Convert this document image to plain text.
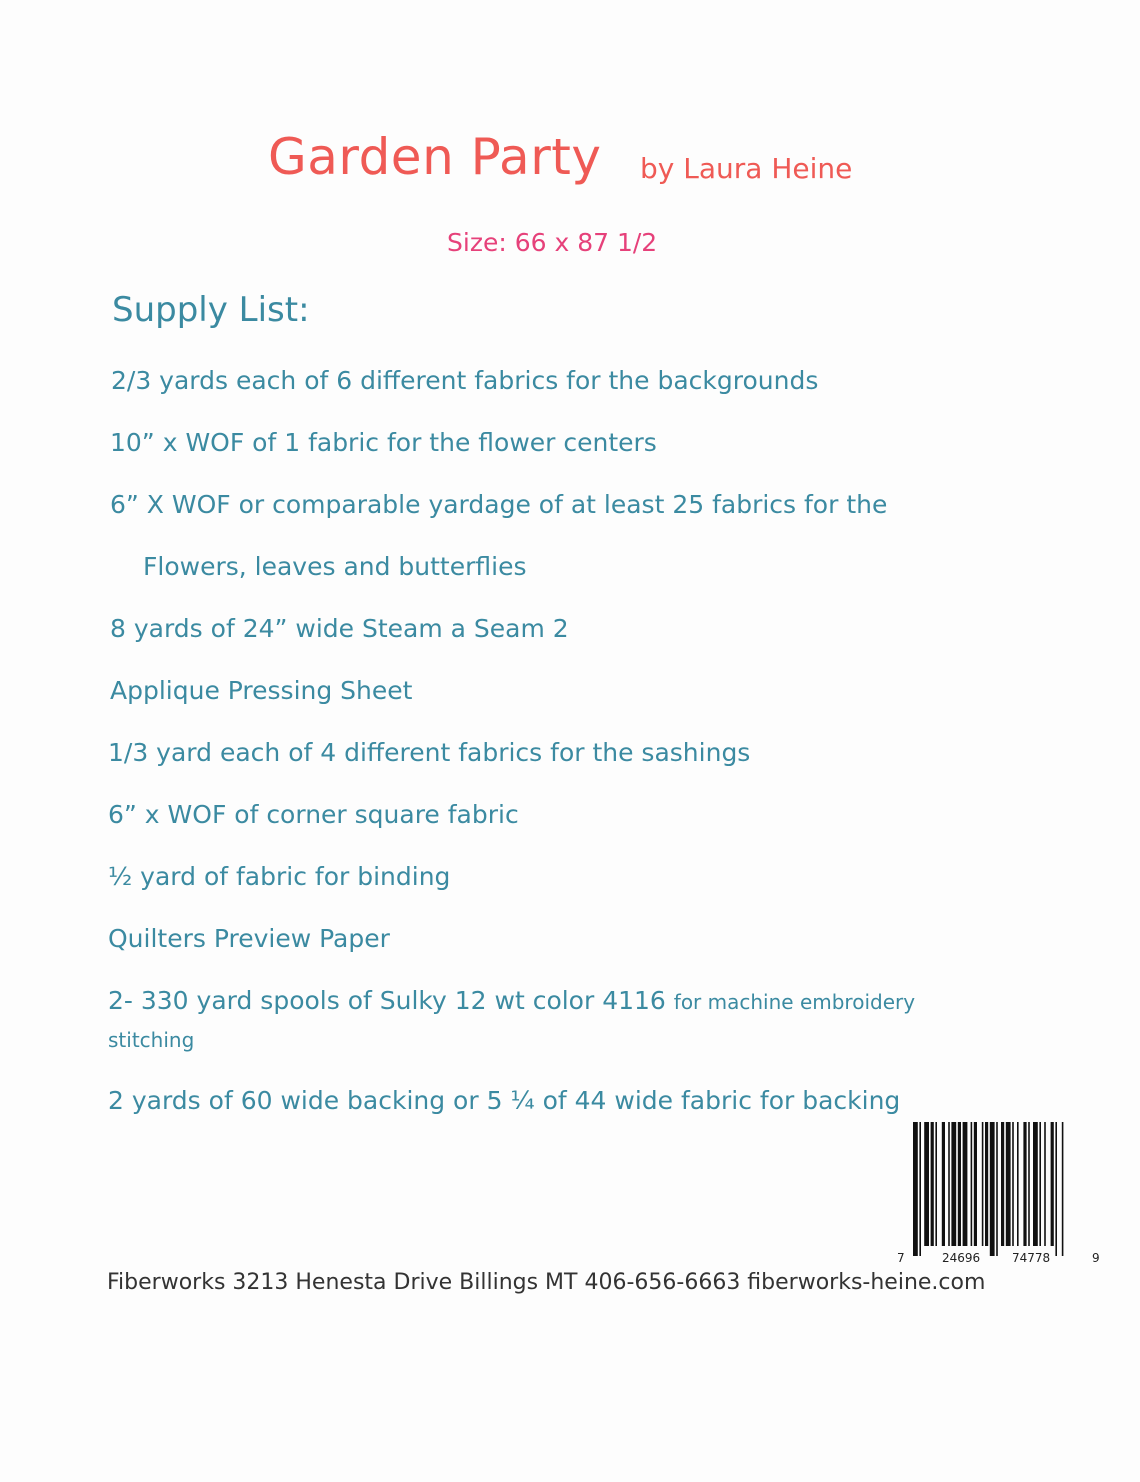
Garden Party by Laura Heine
Size: 66 x 87 1/2
Supply List:
2/3 yards each of 6 different fabrics for the backgrounds
10” x WOF of 1 fabric for the flower centers
6” X WOF or comparable yardage of at least 25 fabrics for the
Flowers, leaves and butterflies
8 yards of 24” wide Steam a Seam 2
Applique Pressing Sheet
1/3 yard each of 4 different fabrics for the sashings
6” x WOF of corner square fabric
½ yard of fabric for binding
Quilters Preview Paper
2- 330 yard spools of Sulky 12 wt color 4116 for machine embroidery
stitching
2 yards of 60 wide backing or 5 ¼ of 44 wide fabric for backing
7	24696	74778	9
Fiberworks 3213 Henesta Drive Billings MT 406-656-6663 fiberworks-heine.com
